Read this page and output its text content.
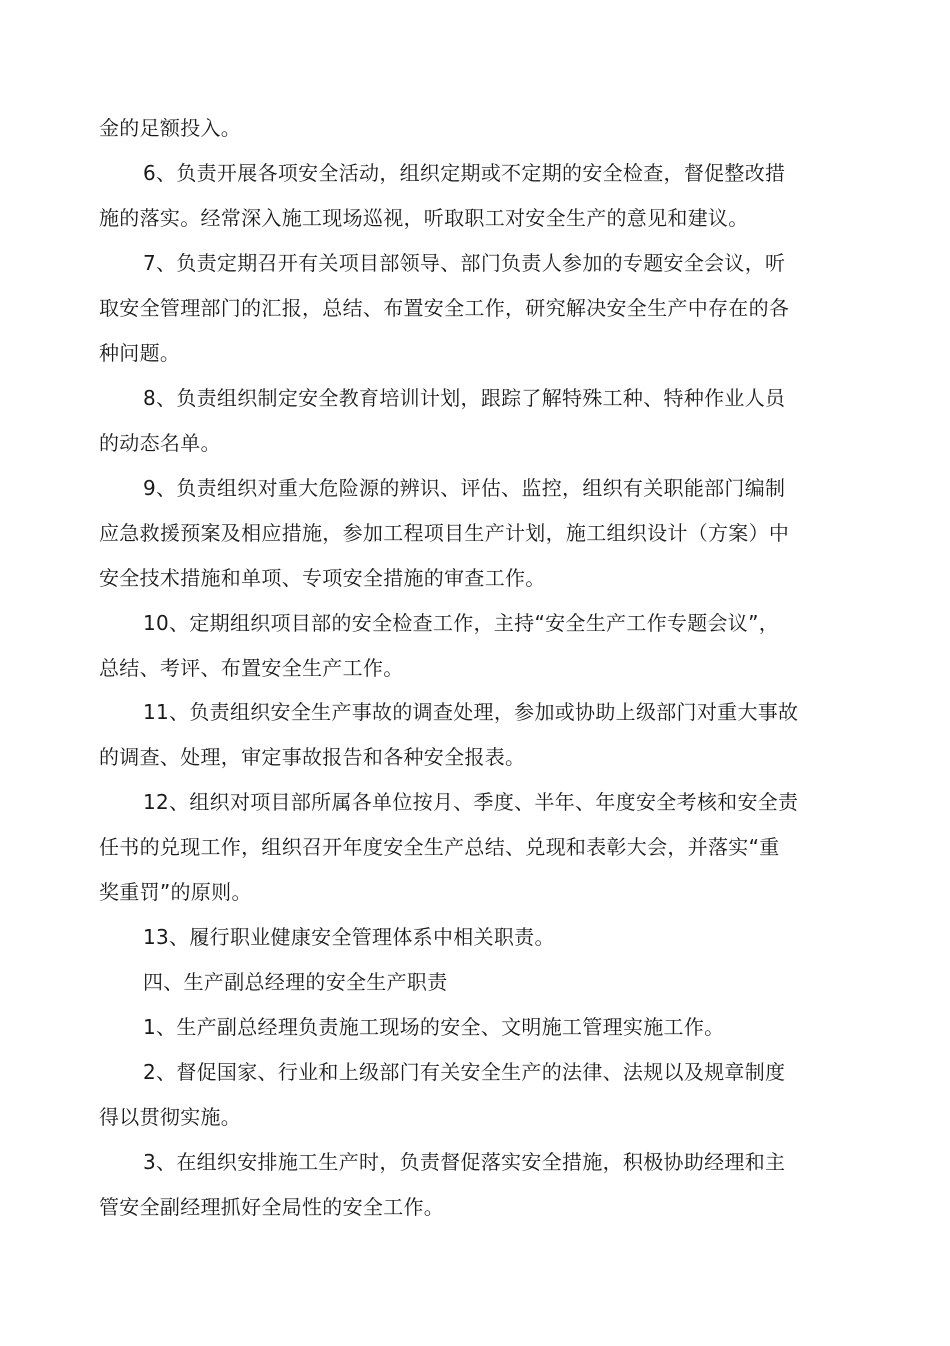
金的足额投入。

6、负责开展各项安全活动，组织定期或不定期的安全检查，督促整改措
施的落实。经常深入施工现场巡视，听取职工对安全生产的意见和建议。

7、负责定期召开有关项目部领导、部门负责人参加的专题安全会议，听
取安全管理部门的汇报，总结、布置安全工作，研究解决安全生产中存在的各
种问题。

8、负责组织制定安全教育培训计划，跟踪了解特殊工种、特种作业人员
的动态名单。

9、负责组织对重大危险源的辨识、评估、监控，组织有关职能部门编制
应急救援预案及相应措施，参加工程项目生产计划，施工组织设计（方案）中
安全技术措施和单项、专项安全措施的审查工作。

10、定期组织项目部的安全检查工作，主持“安全生产工作专题会议”，
总结、考评、布置安全生产工作。

11、负责组织安全生产事故的调查处理，参加或协助上级部门对重大事故
的调查、处理，审定事故报告和各种安全报表。

12、组织对项目部所属各单位按月、季度、半年、年度安全考核和安全责
任书的兑现工作，组织召开年度安全生产总结、兑现和表彰大会，并落实“重
奖重罚”的原则。

13、履行职业健康安全管理体系中相关职责。

四、生产副总经理的安全生产职责

1、生产副总经理负责施工现场的安全、文明施工管理实施工作。

2、督促国家、行业和上级部门有关安全生产的法律、法规以及规章制度
得以贯彻实施。

3、在组织安排施工生产时，负责督促落实安全措施，积极协助经理和主
管安全副经理抓好全局性的安全工作。
